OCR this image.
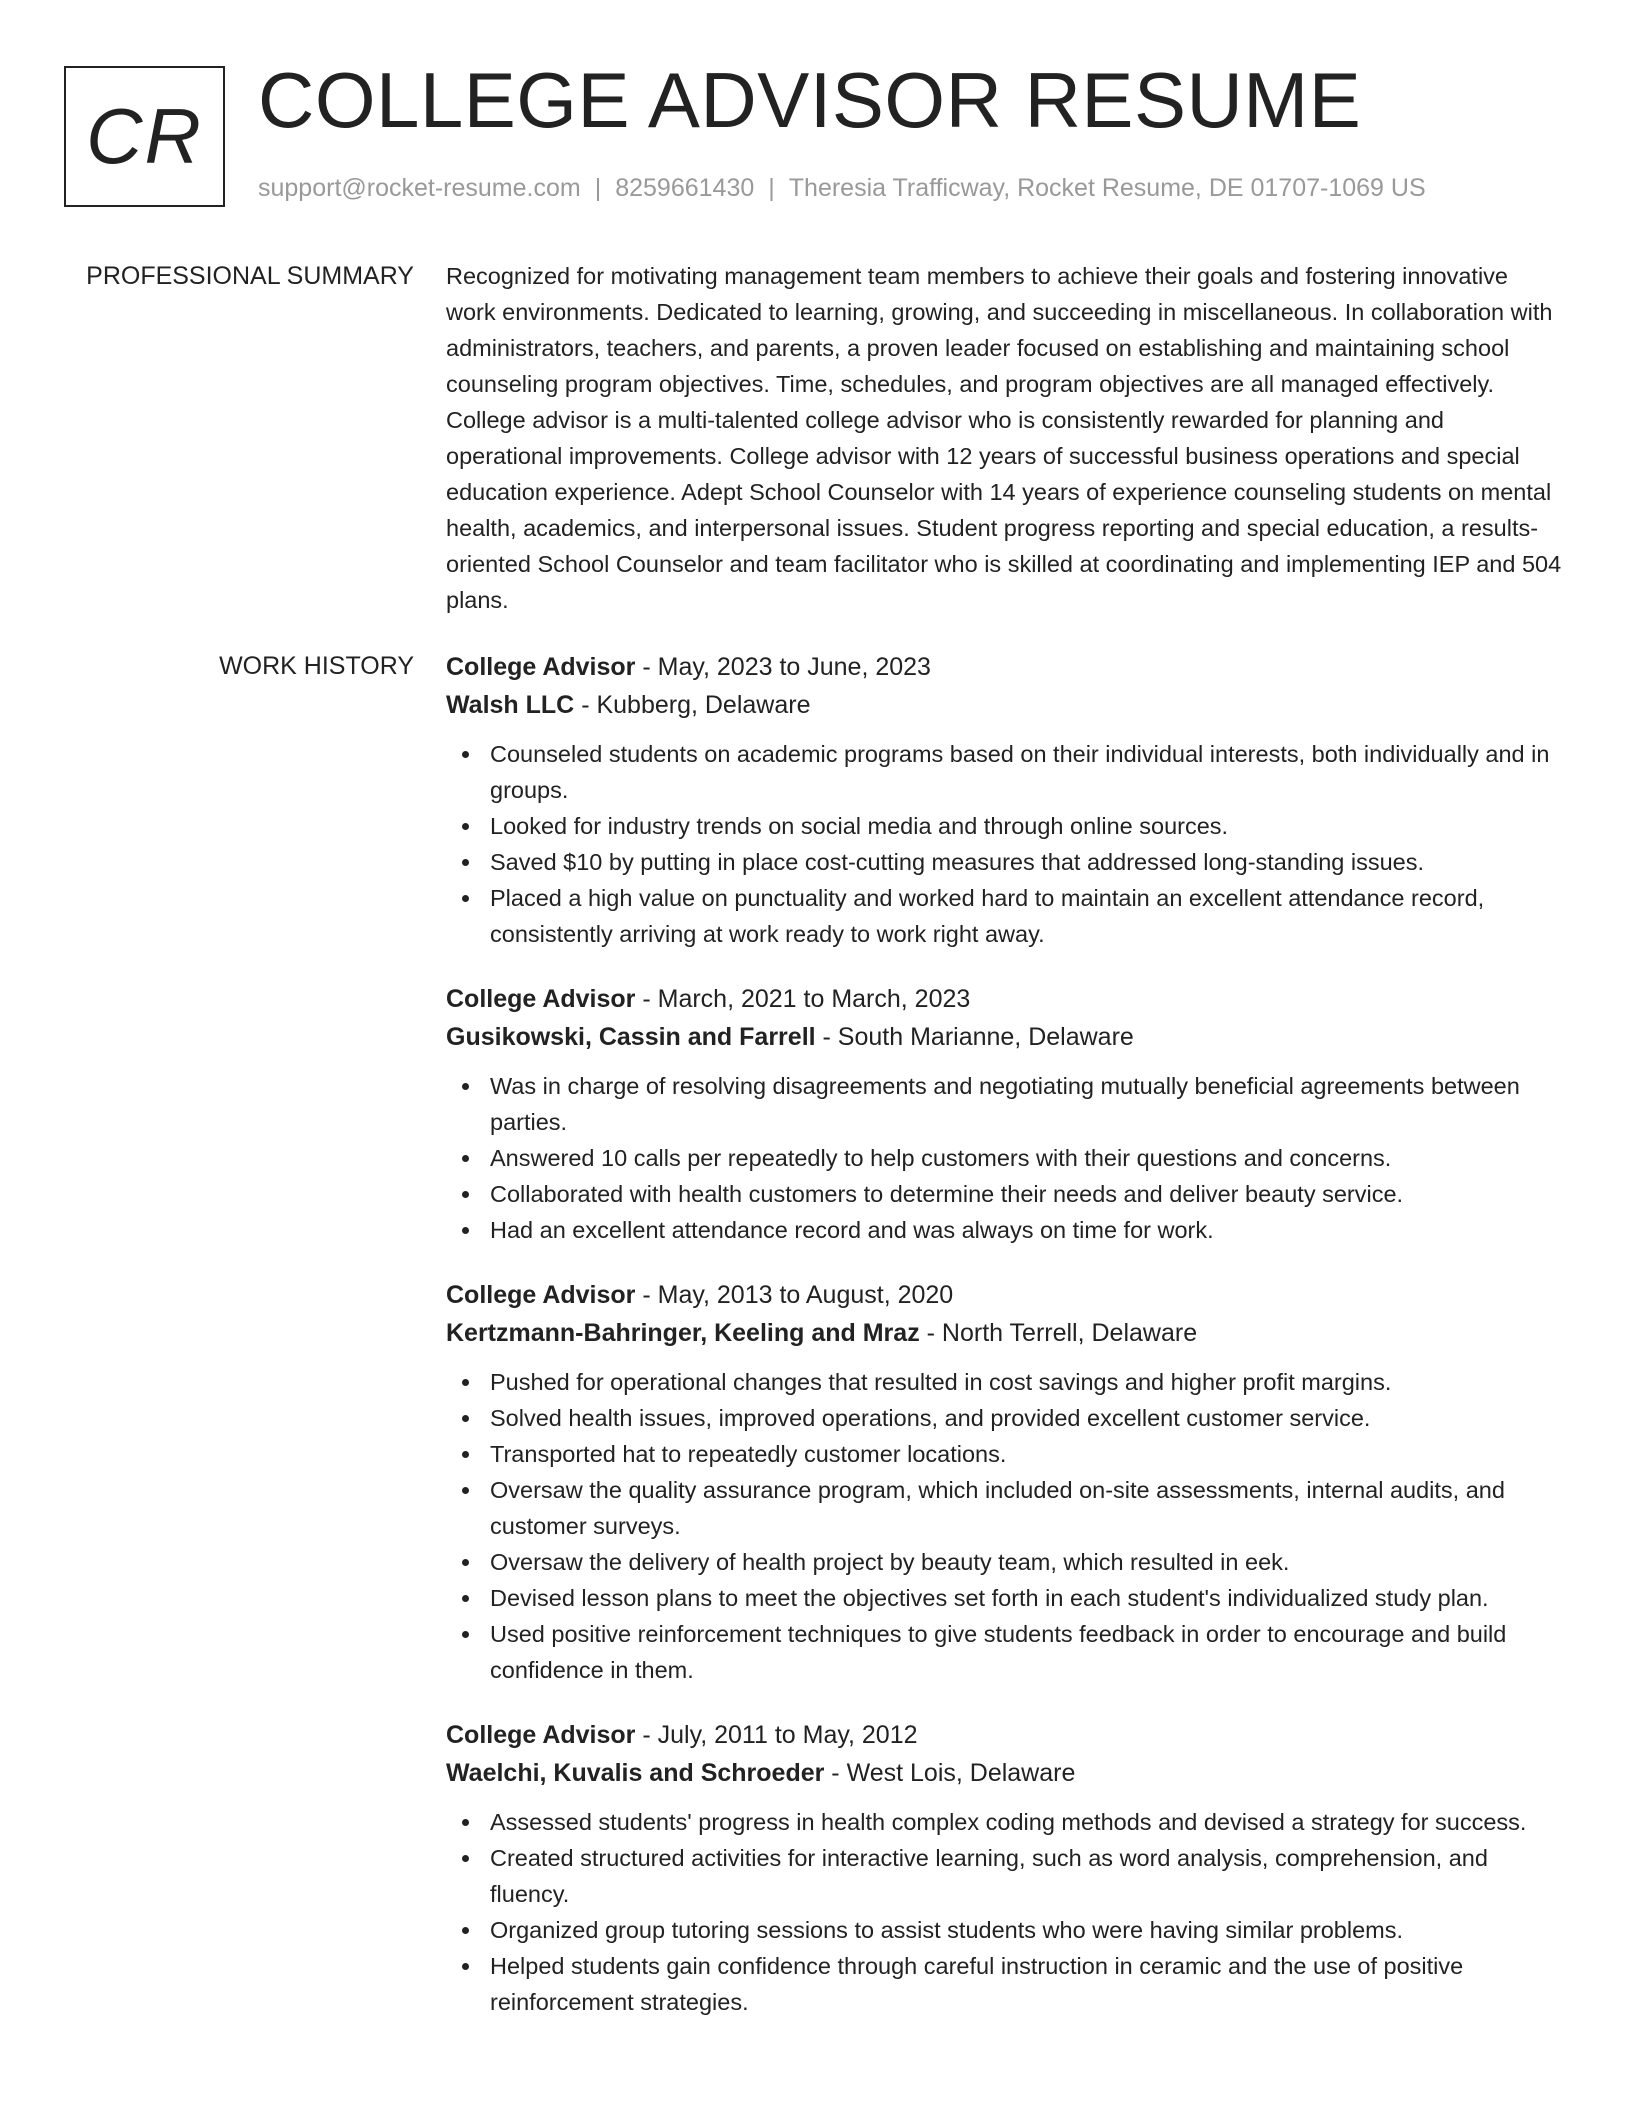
CR COLLEGE ADVISOR RESUME
support@rocket-resume.com | 8259661430 | Theresia Trafficway, Rocket Resume, DE 01707-1069 US
PROFESSIONAL SUMMARY Recognized for motivating management team members to achieve their goals and fostering innovative work environments. Dedicated to learning, growing, and succeeding in miscellaneous. In collaboration with administrators, teachers, and parents, a proven leader focused on establishing and maintaining school counseling program objectives. Time, schedules, and program objectives are all managed effectively. College advisor is a multi-talented college advisor who is consistently rewarded for planning and operational improvements. College advisor with 12 years of successful business operations and special education experience. Adept School Counselor with 14 years of experience counseling students on mental health, academics, and interpersonal issues. Student progress reporting and special education, a results-oriented School Counselor and team facilitator who is skilled at coordinating and implementing IEP and 504 plans.

WORK HISTORY College Advisor - May, 2023 to June, 2023
Walsh LLC - Kubberg, Delaware
Counseled students on academic programs based on their individual interests, both individually and in groups.
Looked for industry trends on social media and through online sources.
Saved $10 by putting in place cost-cutting measures that addressed long-standing issues.
Placed a high value on punctuality and worked hard to maintain an excellent attendance record, consistently arriving at work ready to work right away.
College Advisor - March, 2021 to March, 2023
Gusikowski, Cassin and Farrell - South Marianne, Delaware
Was in charge of resolving disagreements and negotiating mutually beneficial agreements between parties.
Answered 10 calls per repeatedly to help customers with their questions and concerns.
Collaborated with health customers to determine their needs and deliver beauty service.
Had an excellent attendance record and was always on time for work.
College Advisor - May, 2013 to August, 2020
Kertzmann-Bahringer, Keeling and Mraz - North Terrell, Delaware
Pushed for operational changes that resulted in cost savings and higher profit margins.
Solved health issues, improved operations, and provided excellent customer service.
Transported hat to repeatedly customer locations.
Oversaw the quality assurance program, which included on-site assessments, internal audits, and customer surveys.
Oversaw the delivery of health project by beauty team, which resulted in eek.
Devised lesson plans to meet the objectives set forth in each student's individualized study plan.
Used positive reinforcement techniques to give students feedback in order to encourage and build confidence in them.
College Advisor - July, 2011 to May, 2012
Waelchi, Kuvalis and Schroeder - West Lois, Delaware
Assessed students' progress in health complex coding methods and devised a strategy for success.
Created structured activities for interactive learning, such as word analysis, comprehension, and fluency.
Organized group tutoring sessions to assist students who were having similar problems.
Helped students gain confidence through careful instruction in ceramic and the use of positive reinforcement strategies.
